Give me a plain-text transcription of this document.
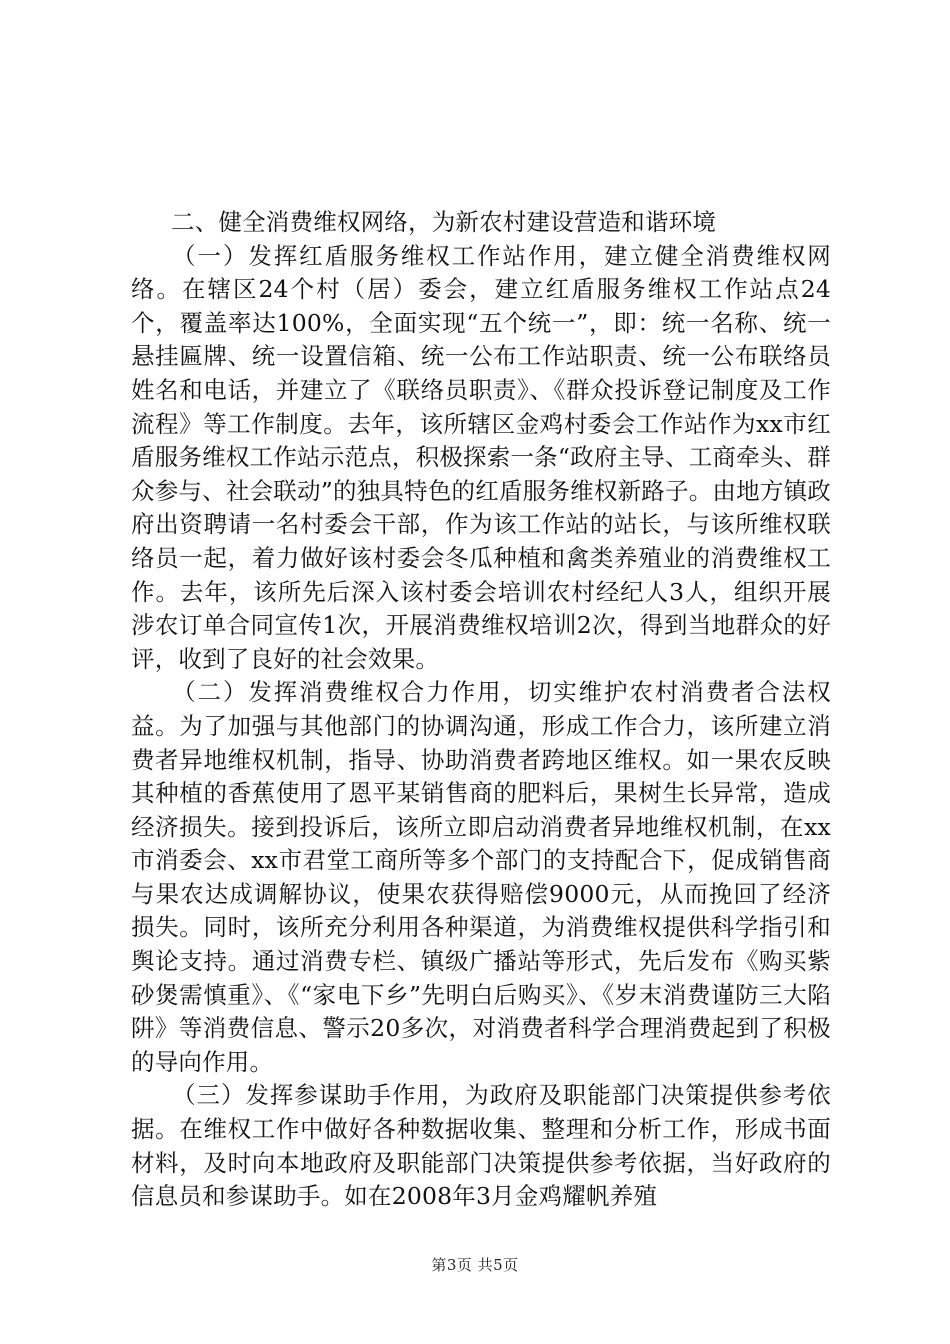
二、健全消费维权网络，为新农村建设营造和谐环境

（一）发挥红盾服务维权工作站作用，建立健全消费维权网络。在辖区24个村（居）委会，建立红盾服务维权工作站点24个，覆盖率达100%，全面实现“五个统一”，即：统一名称、统一悬挂匾牌、统一设置信箱、统一公布工作站职责、统一公布联络员姓名和电话，并建立了《联络员职责》、《群众投诉登记制度及工作流程》等工作制度。去年，该所辖区金鸡村委会工作站作为xx市红盾服务维权工作站示范点，积极探索一条“政府主导、工商牵头、群众参与、社会联动”的独具特色的红盾服务维权新路子。由地方镇政府出资聘请一名村委会干部，作为该工作站的站长，与该所维权联络员一起，着力做好该村委会冬瓜种植和禽类养殖业的消费维权工作。去年，该所先后深入该村委会培训农村经纪人3人，组织开展涉农订单合同宣传1次，开展消费维权培训2次，得到当地群众的好评，收到了良好的社会效果。

（二）发挥消费维权合力作用，切实维护农村消费者合法权益。为了加强与其他部门的协调沟通，形成工作合力，该所建立消费者异地维权机制，指导、协助消费者跨地区维权。如一果农反映其种植的香蕉使用了恩平某销售商的肥料后，果树生长异常，造成经济损失。接到投诉后，该所立即启动消费者异地维权机制，在xx市消委会、xx市君堂工商所等多个部门的支持配合下，促成销售商与果农达成调解协议，使果农获得赔偿9000元，从而挽回了经济损失。同时，该所充分利用各种渠道，为消费维权提供科学指引和舆论支持。通过消费专栏、镇级广播站等形式，先后发布《购买紫砂煲需慎重》、《“家电下乡”先明白后购买》、《岁末消费谨防三大陷阱》等消费信息、警示20多次，对消费者科学合理消费起到了积极的导向作用。

（三）发挥参谋助手作用，为政府及职能部门决策提供参考依据。在维权工作中做好各种数据收集、整理和分析工作，形成书面材料，及时向本地政府及职能部门决策提供参考依据，当好政府的信息员和参谋助手。如在2008年3月金鸡耀帆养殖

第3页 共5页
